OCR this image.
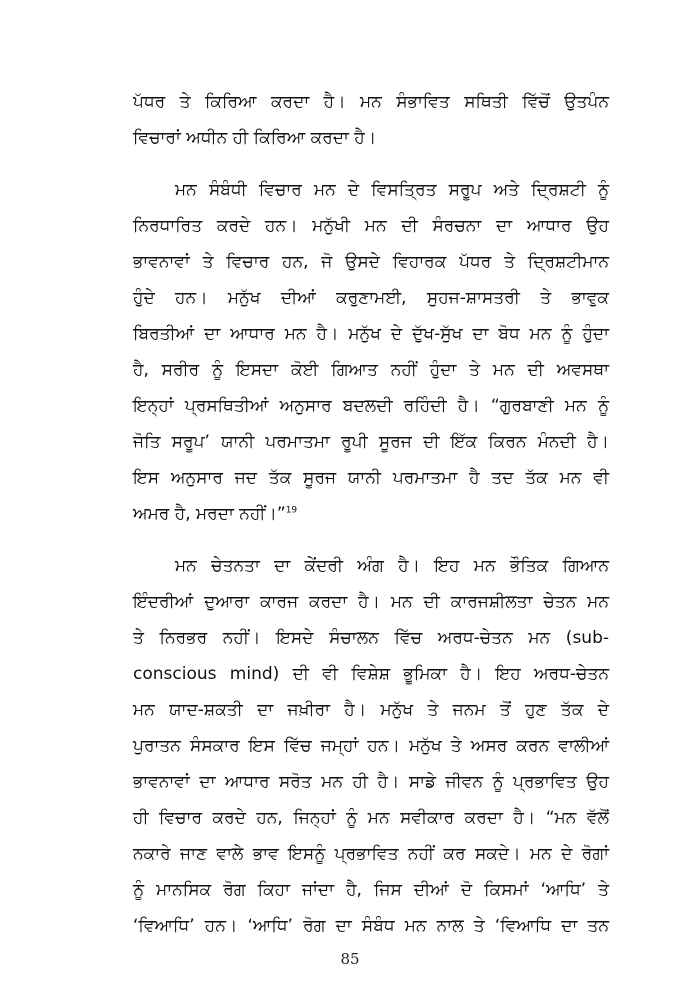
ਪੱਧਰ ਤੇ ਕਿਰਿਆ ਕਰਦਾ ਹੈ। ਮਨ ਸੰਭਾਵਿਤ ਸਥਿਤੀ ਵਿੱਚੋਂ ਉਤਪੰਨ
ਵਿਚਾਰਾਂ ਅਧੀਨ ਹੀ ਕਿਰਿਆ ਕਰਦਾ ਹੈ।
ਮਨ ਸੰਬੰਧੀ ਵਿਚਾਰ ਮਨ ਦੇ ਵਿਸਤ੍ਰਿਤ ਸਰੂਪ ਅਤੇ ਦ੍ਰਿਸ਼ਟੀ ਨੂੰ
ਨਿਰਧਾਰਿਤ ਕਰਦੇ ਹਨ। ਮਨੁੱਖੀ ਮਨ ਦੀ ਸੰਰਚਨਾ ਦਾ ਆਧਾਰ ਉਹ
ਭਾਵਨਾਵਾਂ ਤੇ ਵਿਚਾਰ ਹਨ, ਜੋ ਉਸਦੇ ਵਿਹਾਰਕ ਪੱਧਰ ਤੇ ਦ੍ਰਿਸ਼ਟੀਮਾਨ
ਹੁੰਦੇ ਹਨ। ਮਨੁੱਖ ਦੀਆਂ ਕਰੁਣਾਮਈ, ਸੁਹਜ-ਸ਼ਾਸਤਰੀ ਤੇ ਭਾਵੁਕ
ਬਿਰਤੀਆਂ ਦਾ ਆਧਾਰ ਮਨ ਹੈ। ਮਨੁੱਖ ਦੇ ਦੁੱਖ-ਸੁੱਖ ਦਾ ਬੋਧ ਮਨ ਨੂੰ ਹੁੰਦਾ
ਹੈ, ਸਰੀਰ ਨੂੰ ਇਸਦਾ ਕੋਈ ਗਿਆਤ ਨਹੀਂ ਹੁੰਦਾ ਤੇ ਮਨ ਦੀ ਅਵਸਥਾ
ਇਨ੍ਹਾਂ ਪ੍ਰਸਥਿਤੀਆਂ ਅਨੁਸਾਰ ਬਦਲਦੀ ਰਹਿੰਦੀ ਹੈ। “ਗੁਰਬਾਣੀ ਮਨ ਨੂੰ
ਜੋਤਿ ਸਰੂਪ’ ਯਾਨੀ ਪਰਮਾਤਮਾ ਰੂਪੀ ਸੂਰਜ ਦੀ ਇੱਕ ਕਿਰਨ ਮੰਨਦੀ ਹੈ।
ਇਸ ਅਨੁਸਾਰ ਜਦ ਤੱਕ ਸੂਰਜ ਯਾਨੀ ਪਰਮਾਤਮਾ ਹੈ ਤਦ ਤੱਕ ਮਨ ਵੀ
ਅਮਰ ਹੈ, ਮਰਦਾ ਨਹੀਂ।”$^{19}$
ਮਨ ਚੇਤਨਤਾ ਦਾ ਕੇਂਦਰੀ ਅੰਗ ਹੈ। ਇਹ ਮਨ ਭੌਤਿਕ ਗਿਆਨ
ਇੰਦਰੀਆਂ ਦੁਆਰਾ ਕਾਰਜ ਕਰਦਾ ਹੈ। ਮਨ ਦੀ ਕਾਰਜਸ਼ੀਲਤਾ ਚੇਤਨ ਮਨ
ਤੇ ਨਿਰਭਰ ਨਹੀਂ। ਇਸਦੇ ਸੰਚਾਲਨ ਵਿੱਚ ਅਰਧ-ਚੇਤਨ ਮਨ (sub-
conscious mind) ਦੀ ਵੀ ਵਿਸ਼ੇਸ਼ ਭੂਮਿਕਾ ਹੈ। ਇਹ ਅਰਧ-ਚੇਤਨ
ਮਨ ਯਾਦ-ਸ਼ਕਤੀ ਦਾ ਜਖ਼ੀਰਾ ਹੈ। ਮਨੁੱਖ ਤੇ ਜਨਮ ਤੋਂ ਹੁਣ ਤੱਕ ਦੇ
ਪੁਰਾਤਨ ਸੰਸਕਾਰ ਇਸ ਵਿੱਚ ਜਮ੍ਹਾਂ ਹਨ। ਮਨੁੱਖ ਤੇ ਅਸਰ ਕਰਨ ਵਾਲੀਆਂ
ਭਾਵਨਾਵਾਂ ਦਾ ਆਧਾਰ ਸਰੋਤ ਮਨ ਹੀ ਹੈ। ਸਾਡੇ ਜੀਵਨ ਨੂੰ ਪ੍ਰਭਾਵਿਤ ਉਹ
ਹੀ ਵਿਚਾਰ ਕਰਦੇ ਹਨ, ਜਿਨ੍ਹਾਂ ਨੂੰ ਮਨ ਸਵੀਕਾਰ ਕਰਦਾ ਹੈ। “ਮਨ ਵੱਲੋਂ
ਨਕਾਰੇ ਜਾਣ ਵਾਲੇ ਭਾਵ ਇਸਨੂੰ ਪ੍ਰਭਾਵਿਤ ਨਹੀਂ ਕਰ ਸਕਦੇ। ਮਨ ਦੇ ਰੋਗਾਂ
ਨੂੰ ਮਾਨਸਿਕ ਰੋਗ ਕਿਹਾ ਜਾਂਦਾ ਹੈ, ਜਿਸ ਦੀਆਂ ਦੋ ਕਿਸਮਾਂ ‘ਆਧਿ’ ਤੇ
‘ਵਿਆਧਿ’ ਹਨ। ‘ਆਧਿ’ ਰੋਗ ਦਾ ਸੰਬੰਧ ਮਨ ਨਾਲ ਤੇ ‘ਵਿਆਧਿ ਦਾ ਤਨ
85
